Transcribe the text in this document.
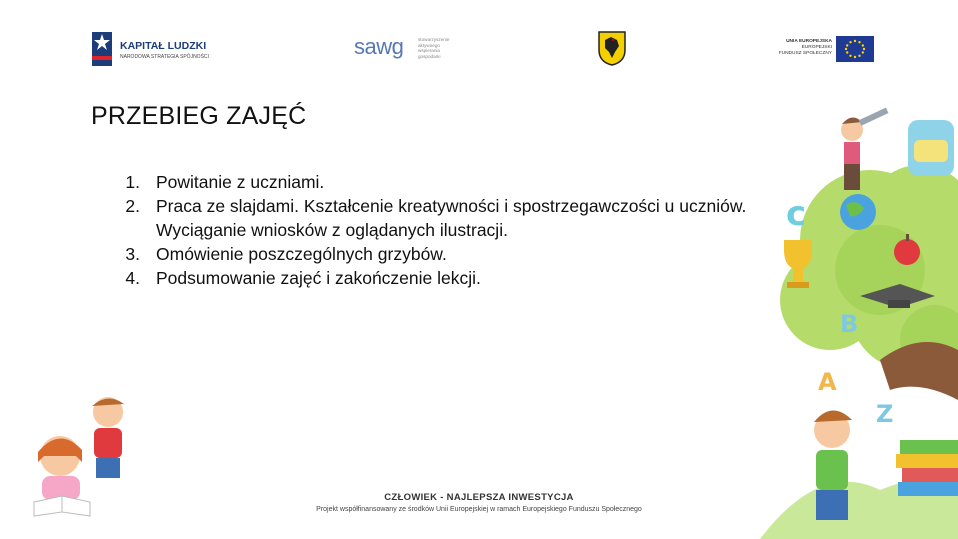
KAPITAŁ LUDZKI
NARODOWA STRATEGIA SPÓJNOŚCI	sawg	stowarzyszenie aktywnego wspierania gospodarki
UNIA EUROPEJSKA
EUROPEJSKI
FUNDUSZ SPOŁECZNY
PRZEBIEG ZAJĘĆ
1. Powitanie z uczniami.
2. Praca ze slajdami. Kształcenie kreatywności i spostrzegawczości u uczniów. Wyciąganie wniosków z oglądanych ilustracji.
3. Omówienie poszczególnych grzybów.
4. Podsumowanie zajęć i zakończenie lekcji.
c
B
A
Z
CZŁOWIEK - NAJLEPSZA INWESTYCJA
Projekt współfinansowany ze środków Unii Europejskiej w ramach Europejskiego Funduszu Społecznego
